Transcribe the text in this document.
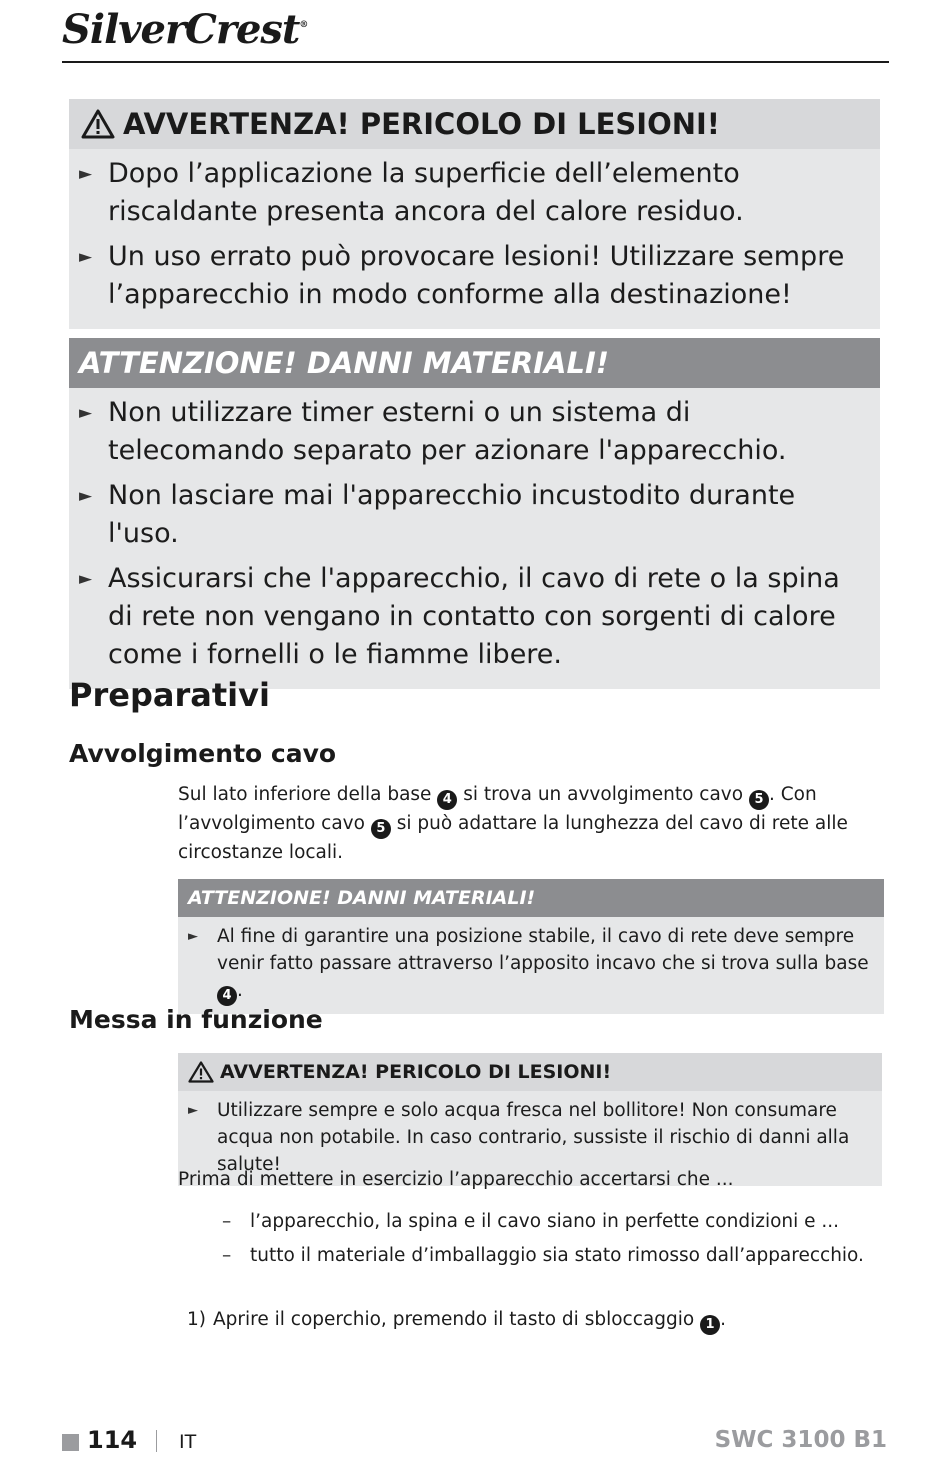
SilverCrest®
AVVERTENZA! PERICOLO DI LESIONI!
► Dopo l’applicazione la superficie dell’elemento riscaldante presenta ancora del calore residuo.
► Un uso errato può provocare lesioni! Utilizzare sempre l’apparecchio in modo conforme alla destinazione!
ATTENZIONE! DANNI MATERIALI!
► Non utilizzare timer esterni o un sistema di telecomando separato per azionare l'apparecchio.
► Non lasciare mai l'apparecchio incustodito durante l'uso.
► Assicurarsi che l'apparecchio, il cavo di rete o la spina di rete non vengano in contatto con sorgenti di calore come i fornelli o le fiamme libere.
Preparativi
Avvolgimento cavo
Sul lato inferiore della base 4 si trova un avvolgimento cavo 5 . Con l’avvolgimento cavo 5 si può adattare la lunghezza del cavo di rete alle circostanze locali.
ATTENZIONE! DANNI MATERIALI!
► Al fine di garantire una posizione stabile, il cavo di rete deve sempre venir fatto passare attraverso l’apposito incavo che si trova sulla base 4 .
Messa in funzione
AVVERTENZA! PERICOLO DI LESIONI!
► Utilizzare sempre e solo acqua fresca nel bollitore! Non consumare acqua non potabile. In caso contrario, sussiste il rischio di danni alla salute!
Prima di mettere in esercizio l’apparecchio accertarsi che ...
– l’apparecchio, la spina e il cavo siano in perfette condizioni e ...
– tutto il materiale d’imballaggio sia stato rimosso dall’apparecchio.
1) Aprire il coperchio, premendo il tasto di sbloccaggio 1 .
114 IT	SWC 3100 B1
